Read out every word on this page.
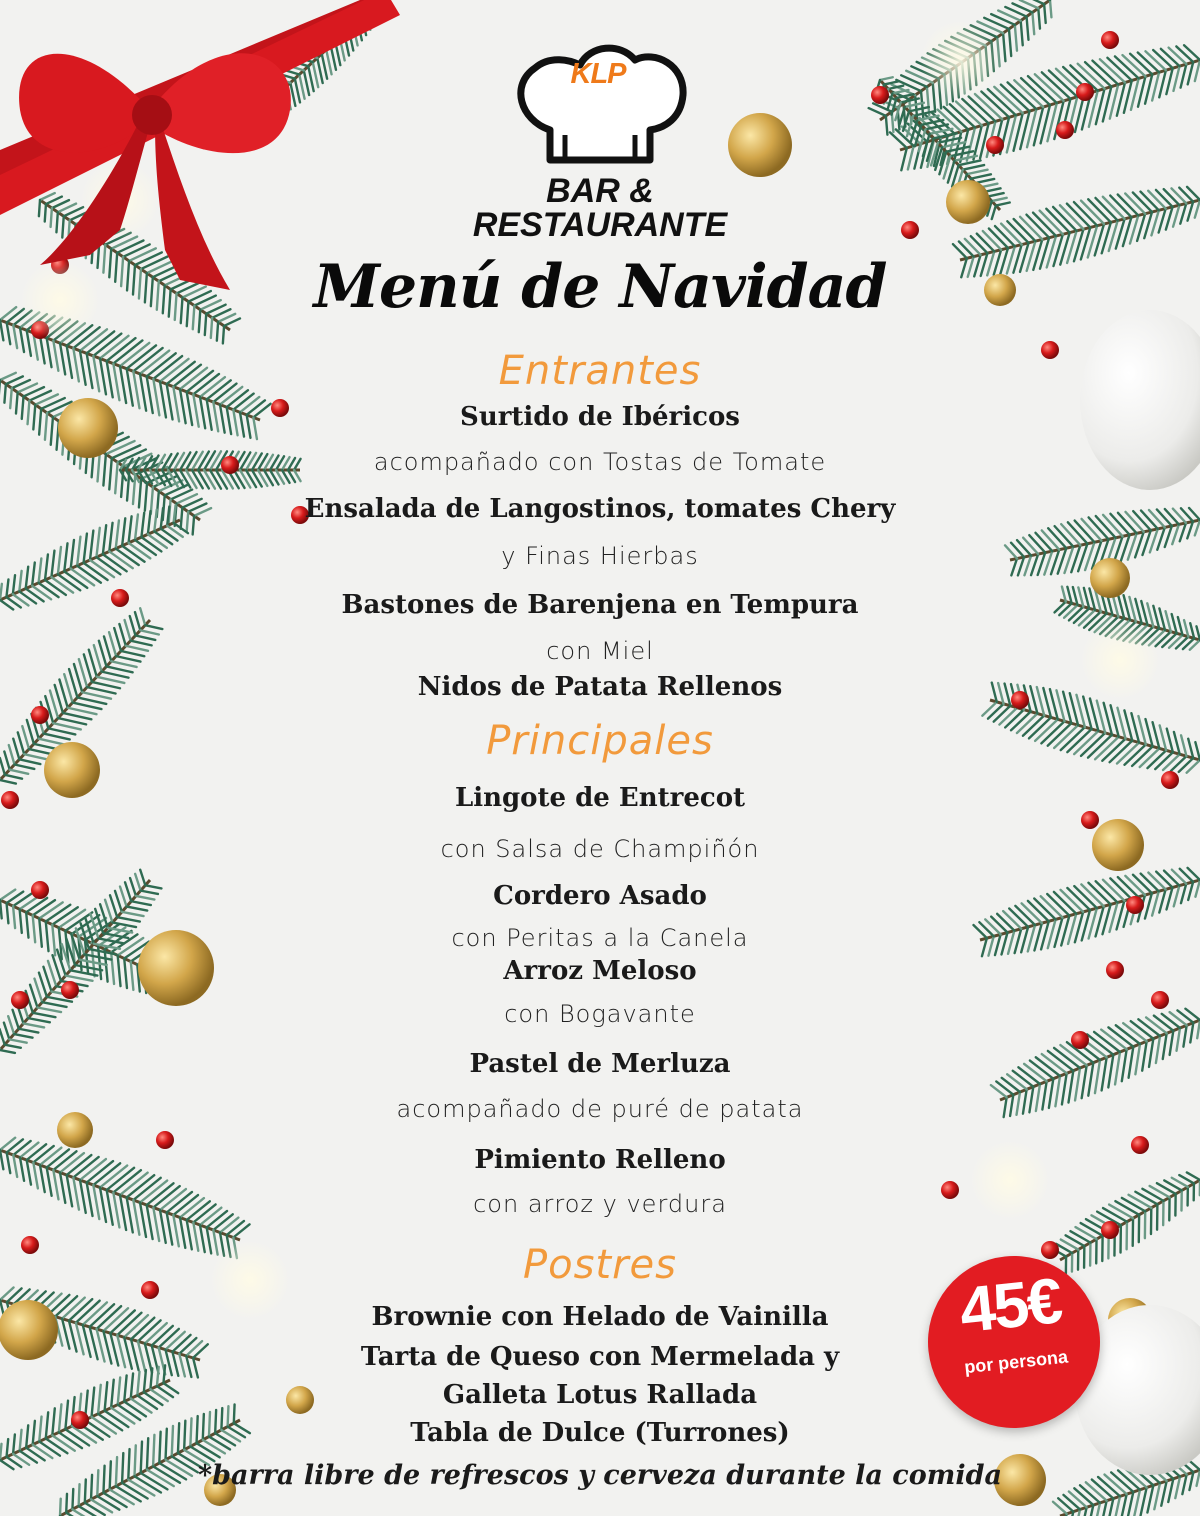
KLP
BAR &
RESTAURANTE
Menú de Navidad
Entrantes
Surtido de Ibéricos
acompañado con Tostas de Tomate
Ensalada de Langostinos, tomates Chery
y Finas Hierbas
Bastones de Barenjena en Tempura
con Miel
Nidos de Patata Rellenos
Principales
Lingote de Entrecot
con Salsa de Champiñón
Cordero Asado
con Peritas a la Canela
Arroz Meloso
con Bogavante
Pastel de Merluza
acompañado de puré de patata
Pimiento Relleno
con arroz y verdura
Postres
Brownie con Helado de Vainilla
Tarta de Queso con Mermelada y
Galleta Lotus Rallada
Tabla de Dulce (Turrones)
*barra libre de refrescos y cerveza durante la comida
45€
por persona
